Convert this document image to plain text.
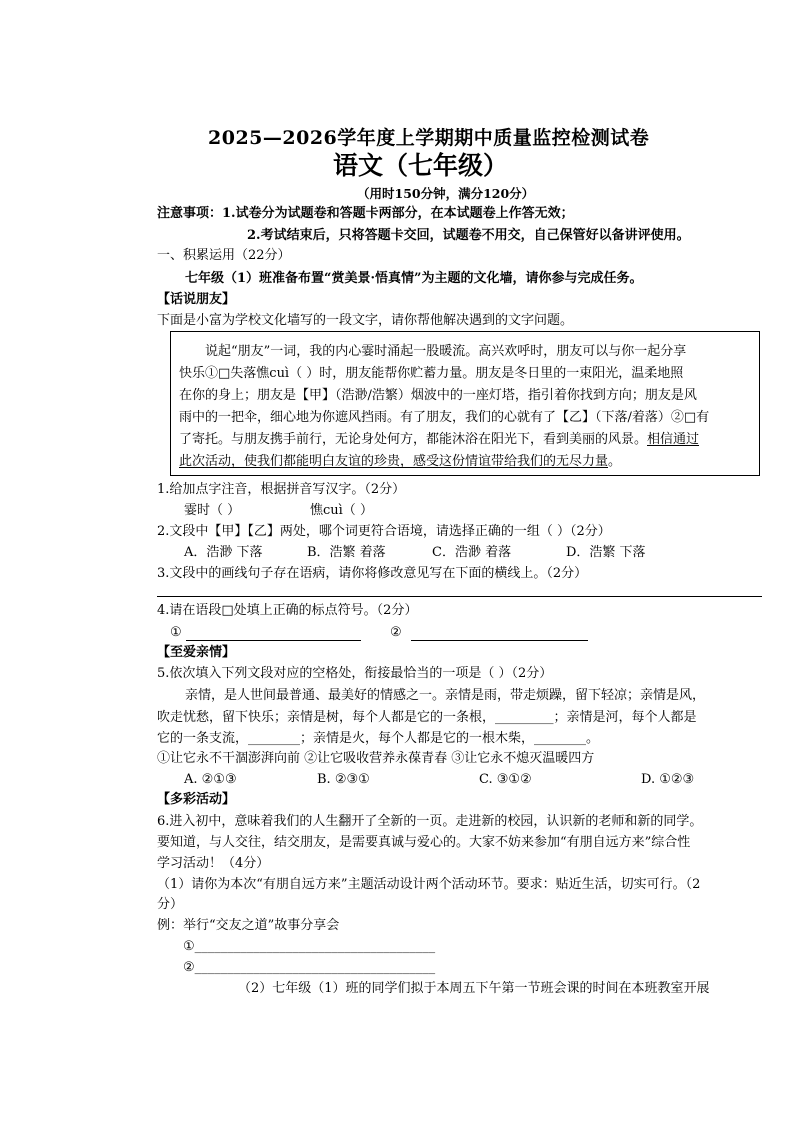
2025—2026学年度上学期期中质量监控检测试卷
语文（七年级）
（用时150分钟，满分120分）
注意事项：1.试卷分为试题卷和答题卡两部分，在本试题卷上作答无效；
2.考试结束后，只将答题卡交回，试题卷不用交，自己保管好以备讲评使用。
一、积累运用（22分）
七年级（1）班准备布置“赏美景·悟真情”为主题的文化墙，请你参与完成任务。
【话说朋友】
下面是小富为学校文化墙写的一段文字，请你帮他解决遇到的文字问题。
说起“朋友”一词，我的内心霎时涌起一股暖流。高兴欢呼时，朋友可以与你一起分享
快乐①□失落憔cuì（ ）时，朋友能帮你贮蓄力量。朋友是冬日里的一束阳光，温柔地照
在你的身上；朋友是【甲】（浩渺/浩繁）烟波中的一座灯塔，指引着你找到方向；朋友是风
雨中的一把伞，细心地为你遮风挡雨。有了朋友，我们的心就有了【乙】（下落/着落）②□有
了寄托。与朋友携手前行，无论身处何方，都能沐浴在阳光下，看到美丽的风景。相信通过
此次活动，使我们都能明白友谊的珍贵，感受这份情谊带给我们的无尽力量。
1.给加点字注音，根据拼音写汉字。（2分）
霎时（ ）	憔cuì（ ）
2.文段中【甲】【乙】两处，哪个词更符合语境，请选择正确的一组（ ）（2分）
A．浩渺 下落	B．浩繁 着落	C．浩渺 着落	D．浩繁 下落
3.文段中的画线句子存在语病，请你将修改意见写在下面的横线上。（2分）
4.请在语段□处填上正确的标点符号。（2分）
①	②
【至爱亲情】
5.依次填入下列文段对应的空格处，衔接最恰当的一项是（ ）（2分）
亲情，是人世间最普通、最美好的情感之一。亲情是雨，带走烦躁，留下轻凉；亲情是风，
吹走忧愁，留下快乐；亲情是树，每个人都是它的一条根，_________；亲情是河，每个人都是
它的一条支流，________；亲情是火，每个人都是它的一根木柴，________。
①让它永不干涸澎湃向前 ②让它吸收营养永葆青春 ③让它永不熄灭温暖四方
A. ②①③	B. ②③①	C. ③①②	D. ①②③
【多彩活动】
6.进入初中，意味着我们的人生翻开了全新的一页。走进新的校园，认识新的老师和新的同学。
要知道，与人交往，结交朋友，是需要真诚与爱心的。大家不妨来参加“有朋自远方来”综合性
学习活动！（4分）
（1）请你为本次“有朋自远方来”主题活动设计两个活动环节。要求：贴近生活，切实可行。（2
分）
例：举行“交友之道”故事分享会
①_____________________________________
②_____________________________________
（2）七年级（1）班的同学们拟于本周五下午第一节班会课的时间在本班教室开展
